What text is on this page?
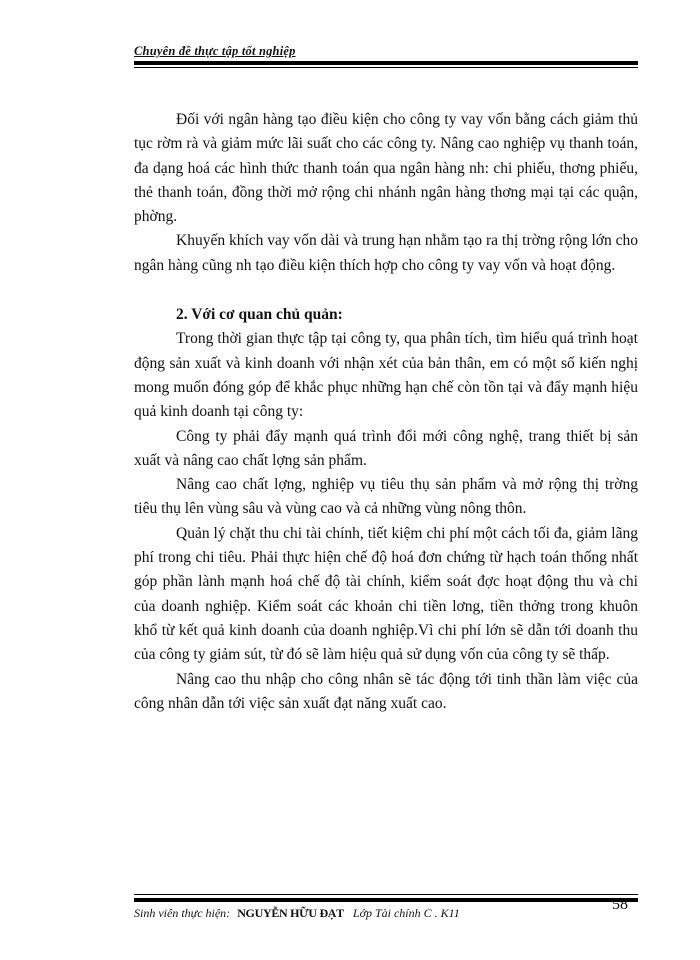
Chuyên đề thực tập tốt nghiệp

Đối với ngân hàng tạo điều kiện cho công ty vay vốn bằng cách giảm thủ tục rờm rà và giảm mức lãi suất cho các công ty. Nâng cao nghiệp vụ thanh toán, đa dạng hoá các hình thức thanh toán qua ngân hàng nh: chi phiếu, thơng phiếu, thẻ thanh toán, đồng thời mở rộng chi nhánh ngân hàng thơng mại tại các quận, phờng.

Khuyến khích vay vốn dài và trung hạn nhằm tạo ra thị trờng rộng lớn cho ngân hàng cũng nh tạo điều kiện thích hợp cho công ty vay vốn và hoạt động.

2. Với cơ quan chủ quản:

Trong thời gian thực tập tại công ty, qua phân tích, tìm hiểu quá trình hoạt động sản xuất và kinh doanh với nhận xét của bản thân, em có một số kiến nghị mong muốn đóng góp để khắc phục những hạn chế còn tồn tại và đẩy mạnh hiệu quả kinh doanh tại công ty:

Công ty phải đẩy mạnh quá trình đổi mới công nghệ, trang thiết bị sản xuất và nâng cao chất lợng sản phẩm.

Nâng cao chất lợng, nghiệp vụ tiêu thụ sản phẩm và mở rộng thị trờng tiêu thụ lên vùng sâu và vùng cao và cả những vùng nông thôn.

Quản lý chặt thu chi tài chính, tiết kiệm chi phí một cách tối đa, giảm lãng phí trong chi tiêu. Phải thực hiện chế độ hoá đơn chứng từ hạch toán thống nhất góp phần lành mạnh hoá chế độ tài chính, kiểm soát đợc hoạt động thu và chi của doanh nghiệp. Kiểm soát các khoản chi tiền lơng, tiền thởng trong khuôn khổ từ kết quả kinh doanh của doanh nghiệp.Vì chi phí lớn sẽ dẫn tới doanh thu của công ty giảm sút, từ đó sẽ làm hiệu quả sử dụng vốn của công ty sẽ thấp.

Nâng cao thu nhập cho công nhân sẽ tác động tới tinh thần làm việc của công nhân dẫn tới việc sản xuất đạt năng xuất cao.

Sinh viên thực hiện: NGUYỄN HỮU ĐẠT Lớp Tài chính C . K11	58
